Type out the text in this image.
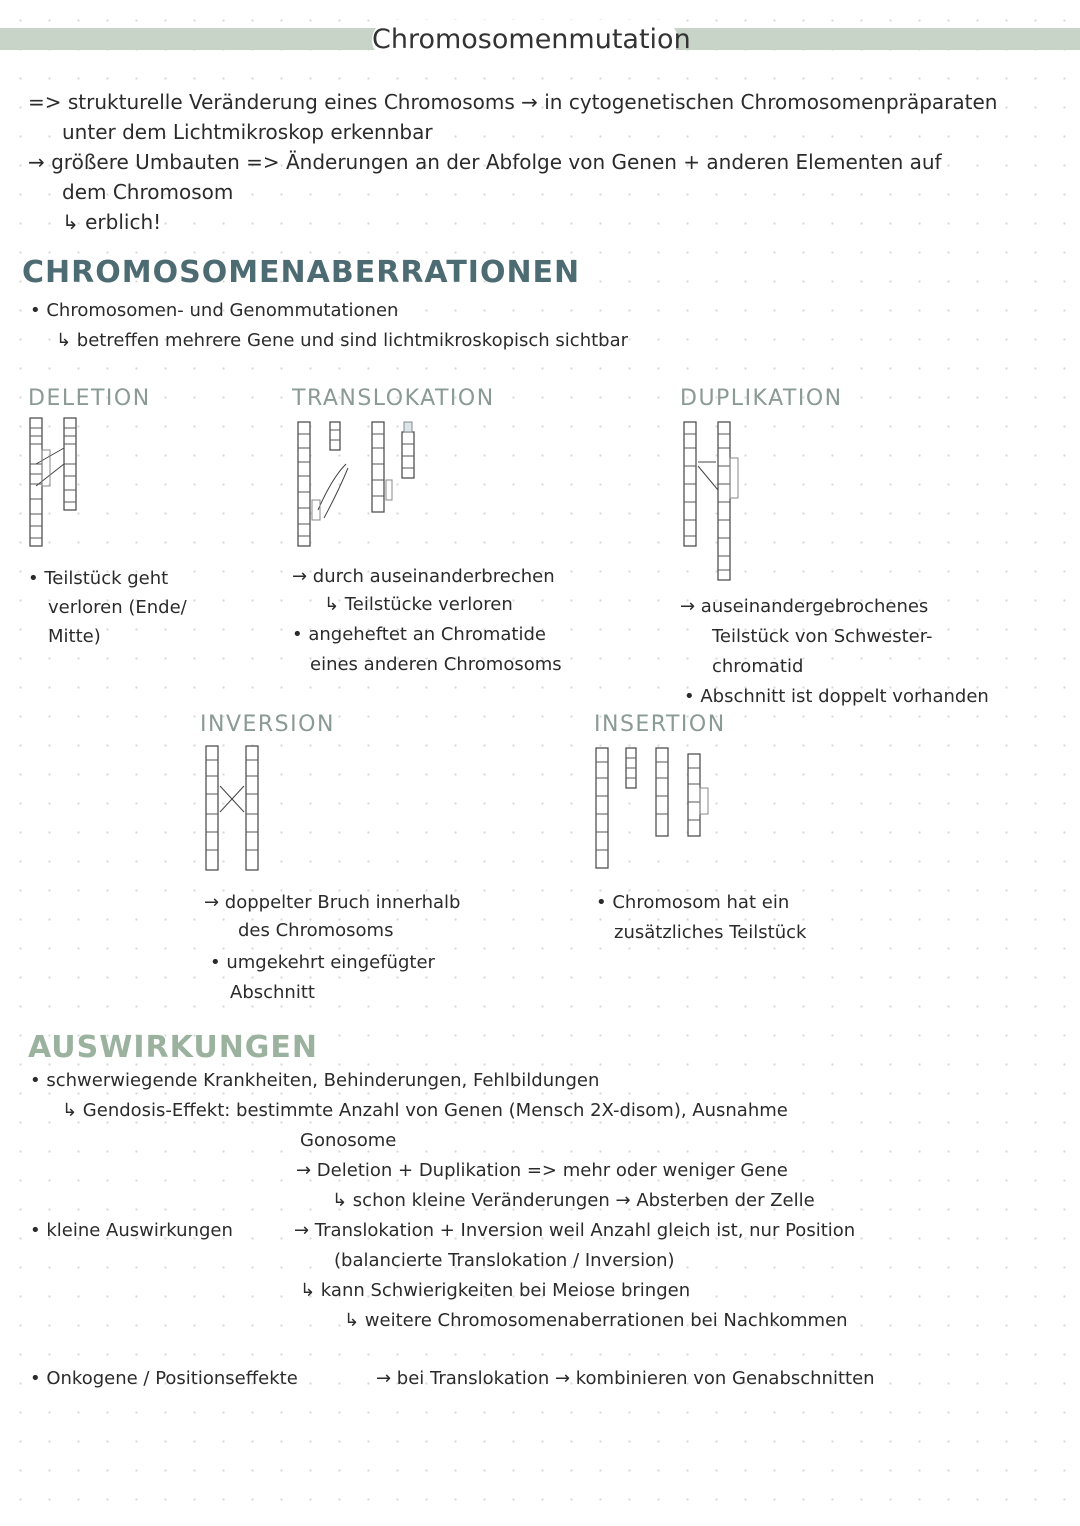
Chromosomenmutation
=> strukturelle Veränderung eines Chromosoms → in cytogenetischen Chromosomenpräparaten
unter dem Lichtmikroskop erkennbar
→ größere Umbauten => Änderungen an der Abfolge von Genen + anderen Elementen auf
dem Chromosom
↳ erblich!
CHROMOSOMENABERRATIONEN
• Chromosomen- und Genommutationen
↳ betreffen mehrere Gene und sind lichtmikroskopisch sichtbar
DELETION
• Teilstück geht
verloren (Ende/
Mitte)
TRANSLOKATION
→ durch auseinanderbrechen
↳ Teilstücke verloren
• angeheftet an Chromatide
eines anderen Chromosoms
DUPLIKATION
→ auseinandergebrochenes
Teilstück von Schwester-
chromatid
• Abschnitt ist doppelt vorhanden
INVERSION
→ doppelter Bruch innerhalb
des Chromosoms
• umgekehrt eingefügter
Abschnitt
INSERTION
• Chromosom hat ein
zusätzliches Teilstück
AUSWIRKUNGEN
• schwerwiegende Krankheiten, Behinderungen, Fehlbildungen
↳ Gendosis-Effekt: bestimmte Anzahl von Genen (Mensch 2X-disom), Ausnahme
Gonosome
→ Deletion + Duplikation => mehr oder weniger Gene
↳ schon kleine Veränderungen → Absterben der Zelle
• kleine Auswirkungen	→ Translokation + Inversion weil Anzahl gleich ist, nur Position
(balancierte Translokation / Inversion)
↳ kann Schwierigkeiten bei Meiose bringen
↳ weitere Chromosomenaberrationen bei Nachkommen
• Onkogene / Positionseffekte	→ bei Translokation → kombinieren von Genabschnitten
